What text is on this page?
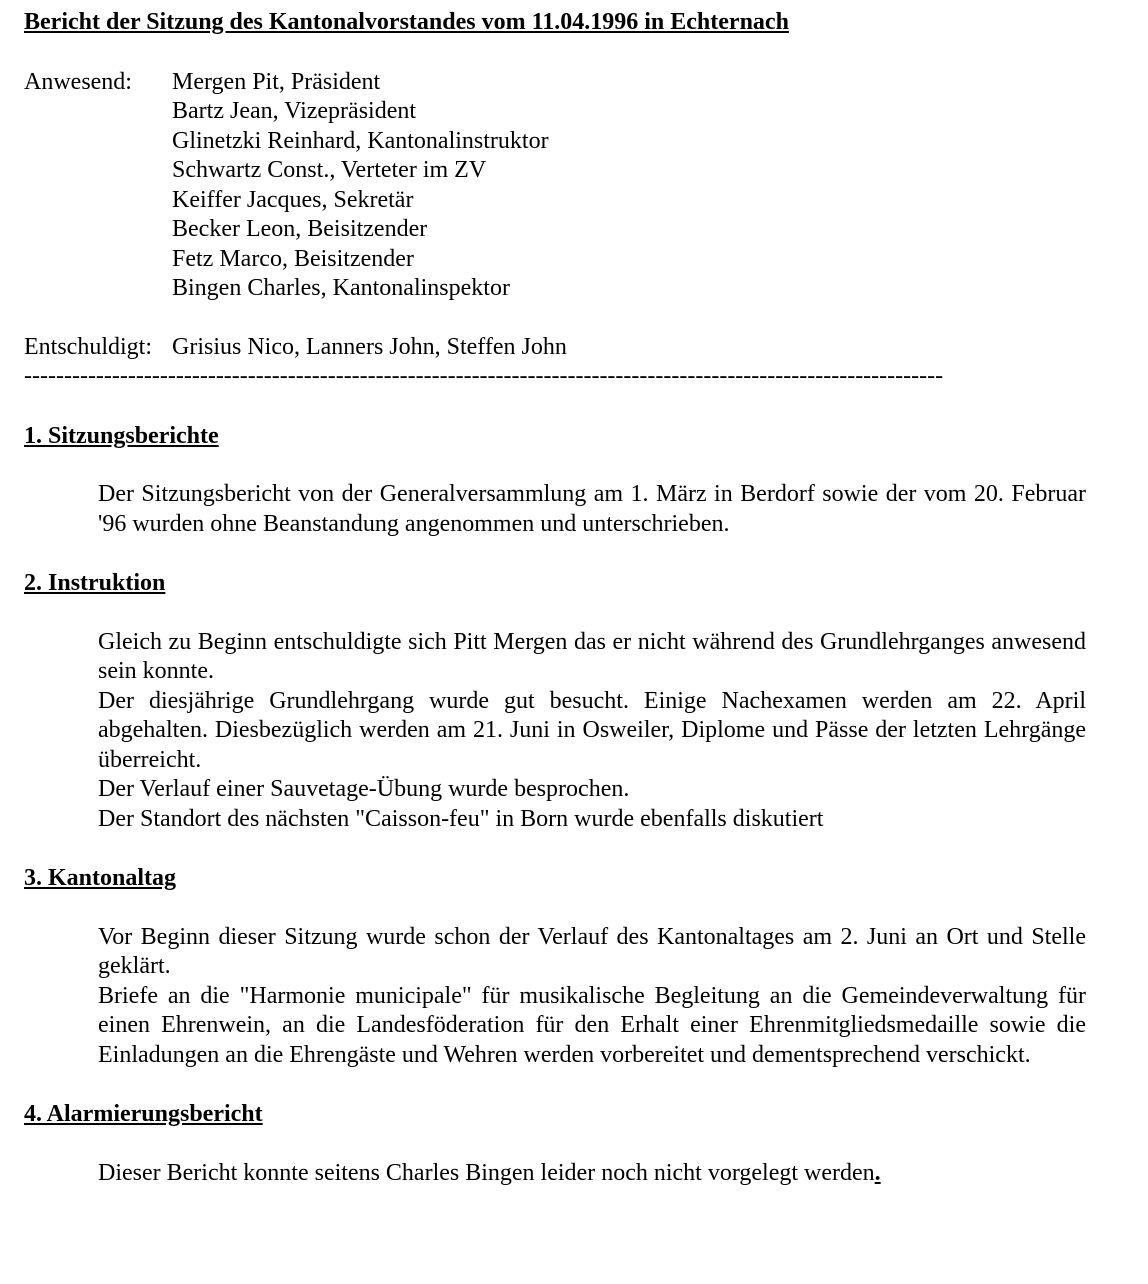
Bericht der Sitzung des Kantonalvorstandes vom 11.04.1996 in Echternach
Anwesend:	Mergen Pit, Präsident
Bartz Jean, Vizepräsident
Glinetzki Reinhard, Kantonalinstruktor
Schwartz Const., Verteter im ZV
Keiffer Jacques, Sekretär
Becker Leon, Beisitzender
Fetz Marco, Beisitzender
Bingen Charles, Kantonalinspektor
Entschuldigt: Grisius Nico, Lanners John, Steffen John
-------------------------------------------------------------------------------------------------------------------
1. Sitzungsberichte

Der Sitzungsbericht von der Generalversammlung am 1. März in Berdorf sowie der vom 20. Februar '96 wurden ohne Beanstandung angenommen und unterschrieben.

2. Instruktion

Gleich zu Beginn entschuldigte sich Pitt Mergen das er nicht während des Grundlehrganges anwesend sein konnte.

Der diesjährige Grundlehrgang wurde gut besucht. Einige Nachexamen werden am 22. April abgehalten. Diesbezüglich werden am 21. Juni in Osweiler, Diplome und Pässe der letzten Lehrgänge überreicht.

Der Verlauf einer Sauvetage-Übung wurde besprochen.

Der Standort des nächsten "Caisson-feu" in Born wurde ebenfalls diskutiert

3. Kantonaltag

Vor Beginn dieser Sitzung wurde schon der Verlauf des Kantonaltages am 2. Juni an Ort und Stelle geklärt.

Briefe an die "Harmonie municipale" für musikalische Begleitung an die Gemeindeverwaltung für einen Ehrenwein, an die Landesföderation für den Erhalt einer Ehrenmitgliedsmedaille sowie die Einladungen an die Ehrengäste und Wehren werden vorbereitet und dementsprechend verschickt.

4. Alarmierungsbericht

Dieser Bericht konnte seitens Charles Bingen leider noch nicht vorgelegt werden.
